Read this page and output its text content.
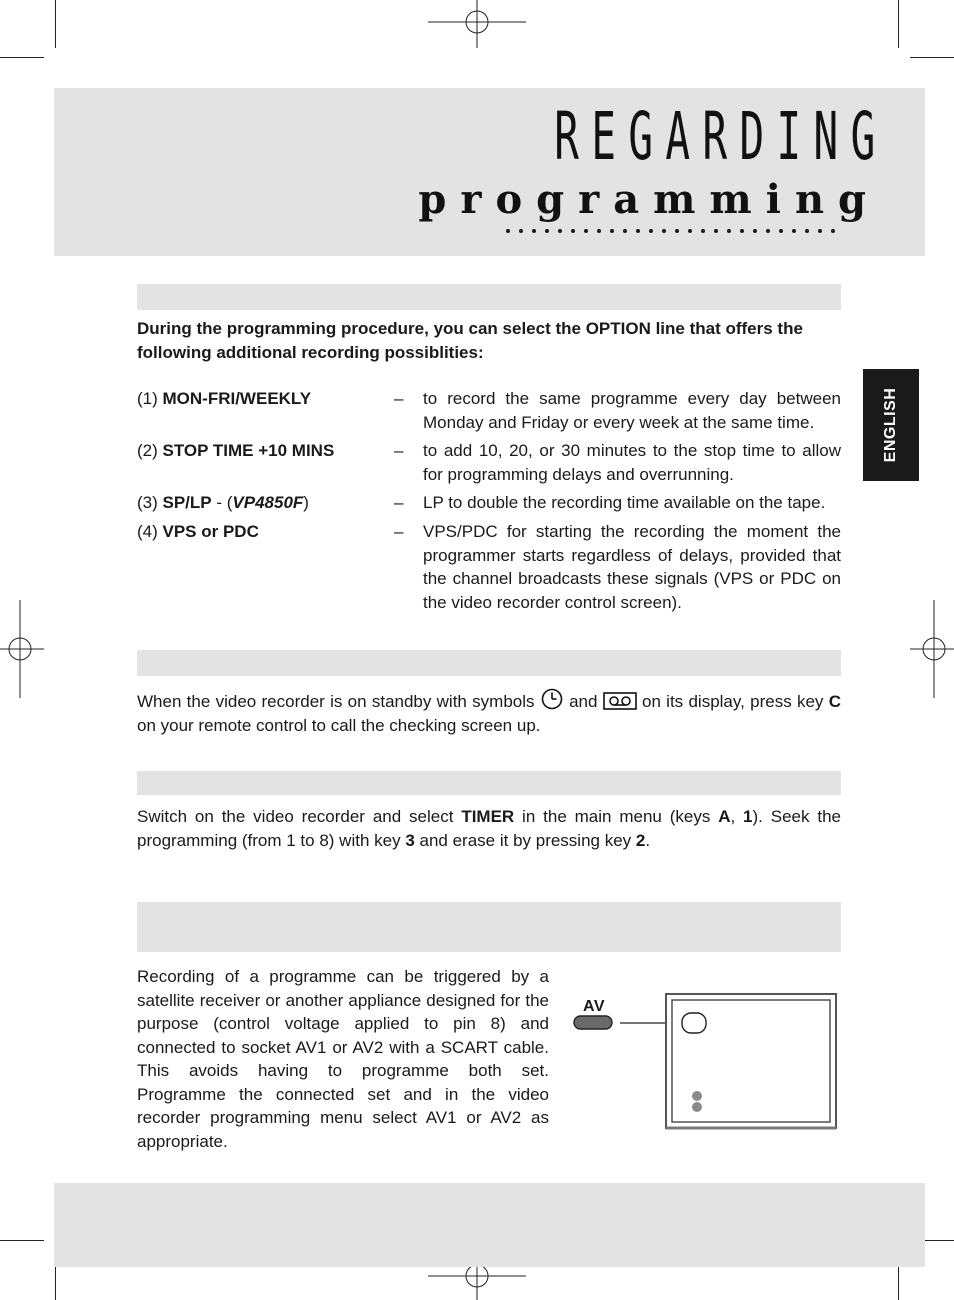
REGARDING
programming
ENGLISH
During the programming procedure, you can select the OPTION line that offers the following additional recording possiblities:
(1) MON-FRI/WEEKLY	– to record the same programme every day between Monday and Friday or every week at the same time.
(2) STOP TIME +10 MINS	– to add 10, 20, or 30 minutes to the stop time to allow for programming delays and overrunning.
(3) SP/LP - (VP4850F)	– LP to double the recording time available on the tape.
(4) VPS or PDC	– VPS/PDC for starting the recording the moment the programmer starts regardless of delays, provided that the channel broadcasts these signals (VPS or PDC on the video recorder control screen).
When the video recorder is on standby with symbols  and  on its display, press key C on your remote control to call the checking screen up.
Switch on the video recorder and select TIMER in the main menu (keys A, 1). Seek the programming (from 1 to 8) with key 3 and erase it by pressing key 2.
Recording of a programme can be triggered by a satellite receiver or another appliance designed for the purpose (control voltage applied to pin 8) and connected to socket AV1 or AV2 with a SCART cable. This avoids having to programme both set. Programme the connected set and in the video recorder programming menu select AV1 or AV2 as appropriate.
AV
